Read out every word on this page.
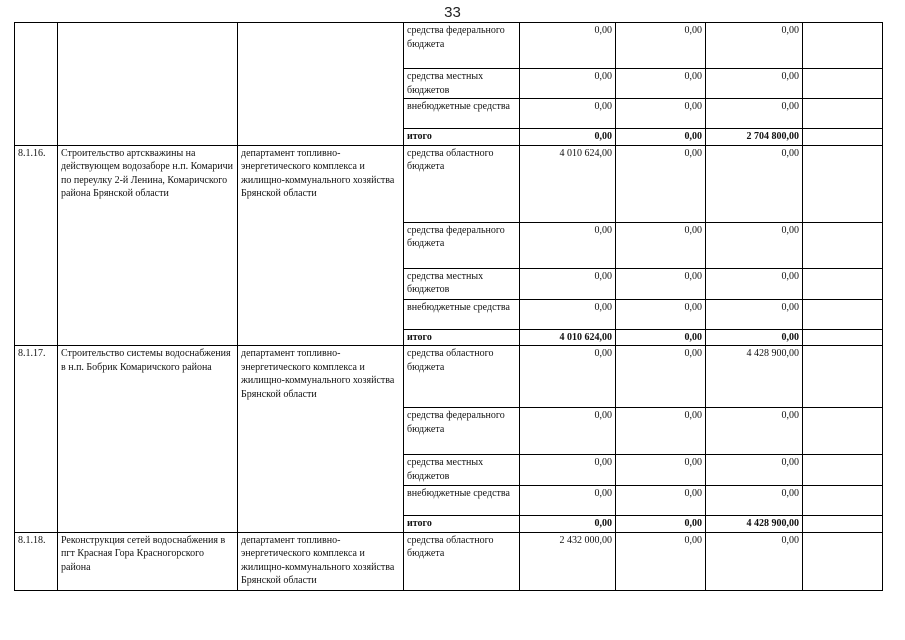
33
			средства федерального бюджета	0,00	0,00	0,00	
			средства местных бюджетов	0,00	0,00	0,00	
			внебюджетные средства	0,00	0,00	0,00	
			итого	0,00	0,00	2 704 800,00	
8.1.16.	Строительство артскважины на действующем водозаборе н.п. Комаричи по переулку 2-й Ленина, Комаричского района Брянской области	департамент топливно-энергетического комплекса и жилищно-коммунального хозяйства Брянской области	средства областного бюджета	4 010 624,00	0,00	0,00	
			средства федерального бюджета	0,00	0,00	0,00	
			средства местных бюджетов	0,00	0,00	0,00	
			внебюджетные средства	0,00	0,00	0,00	
			итого	4 010 624,00	0,00	0,00	
8.1.17.	Строительство системы водоснабжения в н.п. Бобрик Комаричского района	департамент топливно-энергетического комплекса и жилищно-коммунального хозяйства Брянской области	средства областного бюджета	0,00	0,00	4 428 900,00	
			средства федерального бюджета	0,00	0,00	0,00	
			средства местных бюджетов	0,00	0,00	0,00	
			внебюджетные средства	0,00	0,00	0,00	
			итого	0,00	0,00	4 428 900,00	
8.1.18.	Реконструкция сетей водоснабжения в пгт Красная Гора Красногорского района	департамент топливно-энергетического комплекса и жилищно-коммунального хозяйства Брянской области	средства областного бюджета	2 432 000,00	0,00	0,00	
